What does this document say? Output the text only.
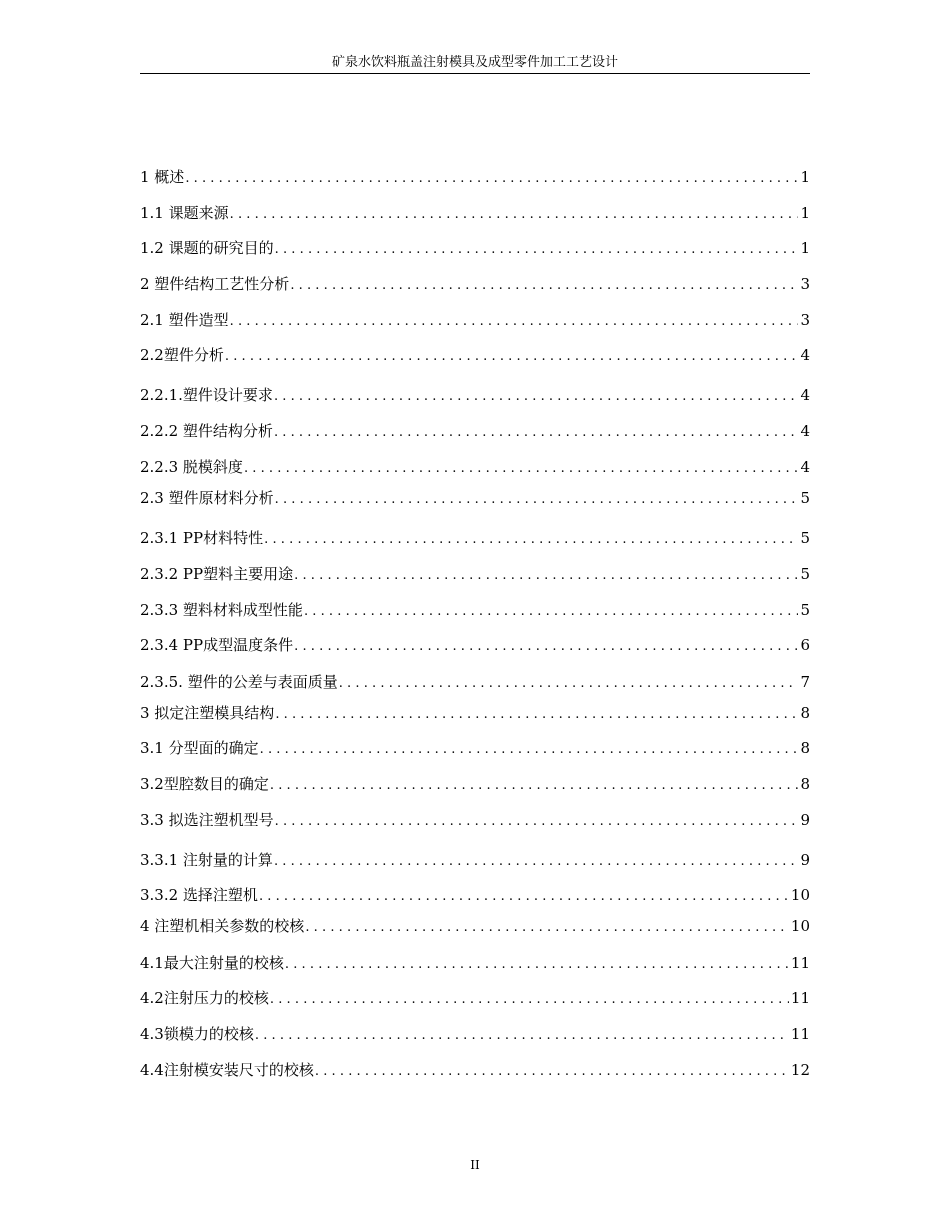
矿泉水饮料瓶盖注射模具及成型零件加工工艺设计
1 概述 .....	1
1.1 课题来源 .....	1
1.2 课题的研究目的 .....	1
2 塑件结构工艺性分析 .....	3
2.1 塑件造型 .....	3
2.2塑件分析 .....	4
2.2.1.塑件设计要求 .....	4
2.2.2 塑件结构分析 .....	4
2.2.3 脱模斜度 .....	4
2.3 塑件原材料分析 .....	5
2.3.1 PP材料特性 .....	5
2.3.2 PP塑料主要用途 .....	5
2.3.3 塑料材料成型性能 .....	5
2.3.4 PP成型温度条件 .....	6
2.3.5. 塑件的公差与表面质量 .....	7
3 拟定注塑模具结构 .....	8
3.1 分型面的确定 .....	8
3.2型腔数目的确定 .....	8
3.3 拟选注塑机型号 .....	9
3.3.1 注射量的计算 .....	9
3.3.2 选择注塑机 .....	10
4 注塑机相关参数的校核 .....	10
4.1最大注射量的校核 .....	11
4.2注射压力的校核 .....	11
4.3锁模力的校核 .....	11
4.4注射模安装尺寸的校核 .....	12
II
